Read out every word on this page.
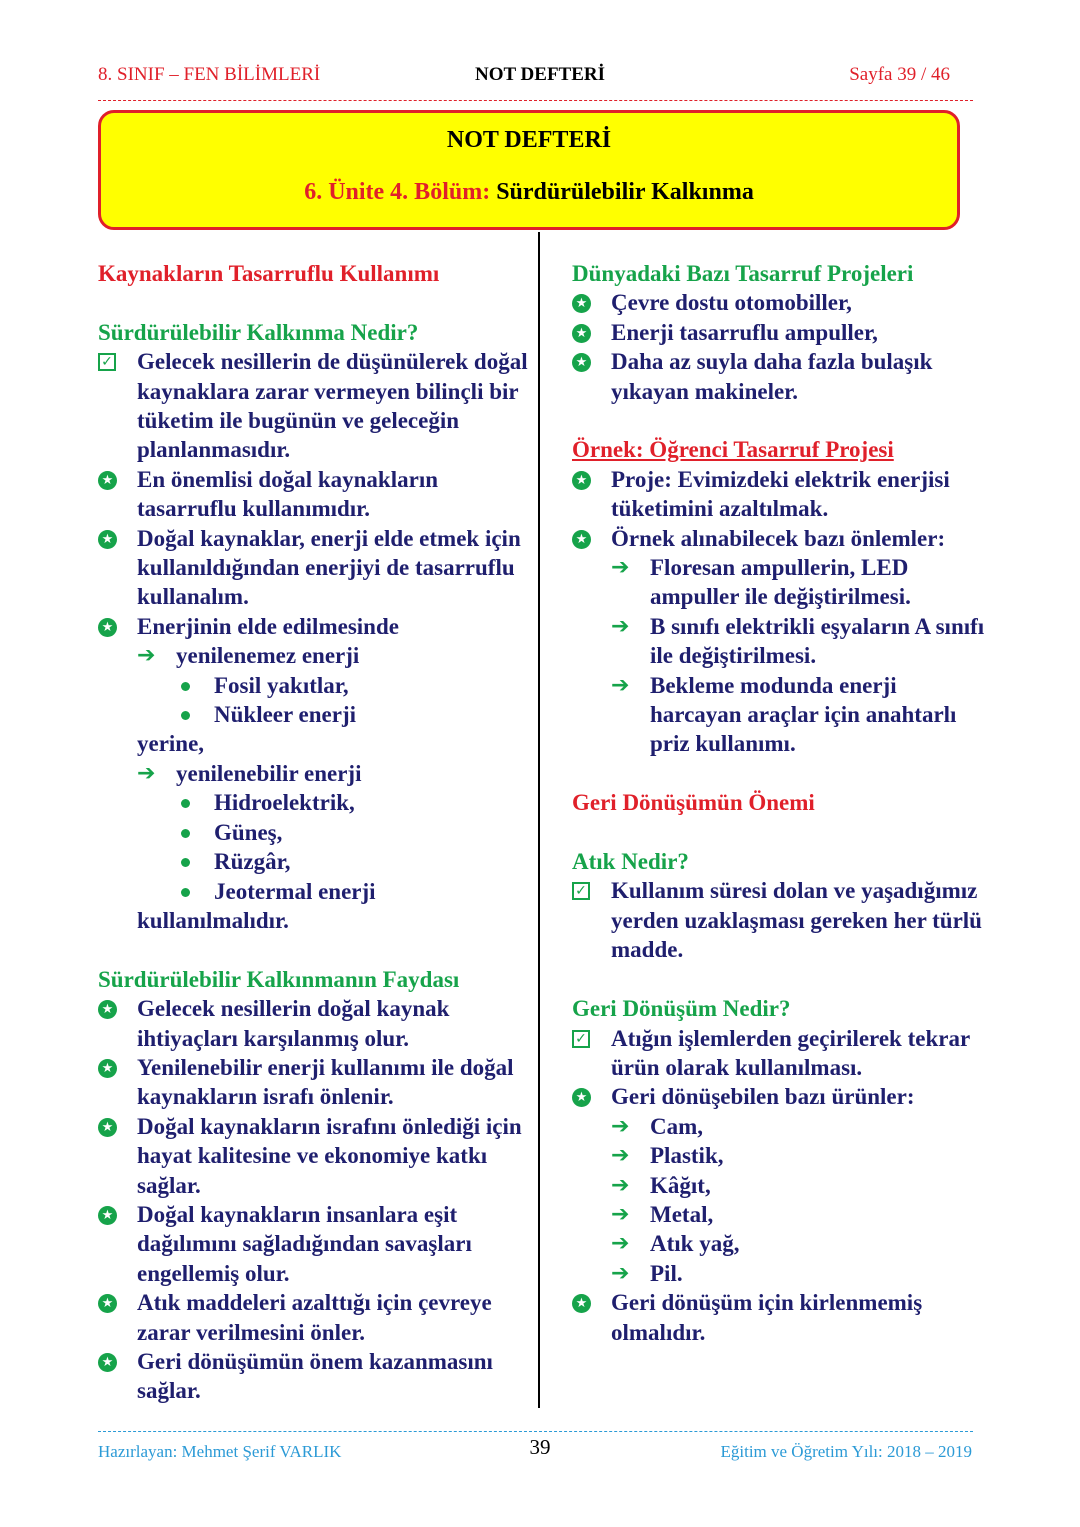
8. SINIF – FEN BİLİMLERİ	NOT DEFTERİ	Sayfa 39 / 46
NOT DEFTERİ
6. Ünite 4. Bölüm: Sürdürülebilir Kalkınma
Kaynakların Tasarruflu Kullanımı
Sürdürülebilir Kalkınma Nedir?
✓ Gelecek nesillerin de düşünülerek doğal kaynaklara zarar vermeyen bilinçli bir tüketim ile bugünün ve geleceğin planlanmasıdır.
★ En önemlisi doğal kaynakların tasarruflu kullanımıdır.
★ Doğal kaynaklar, enerji elde etmek için kullanıldığından enerjiyi de tasarruflu kullanalım.
★ Enerjinin elde edilmesinde
➔ yenilenemez enerji
Fosil yakıtlar,
Nükleer enerji
yerine,
➔ yenilenebilir enerji
Hidroelektrik,
Güneş,
Rüzgâr,
Jeotermal enerji
kullanılmalıdır.
Sürdürülebilir Kalkınmanın Faydası
★ Gelecek nesillerin doğal kaynak ihtiyaçları karşılanmış olur.
★ Yenilenebilir enerji kullanımı ile doğal kaynakların israfı önlenir.
★ Doğal kaynakların israfını önlediği için hayat kalitesine ve ekonomiye katkı sağlar.
★ Doğal kaynakların insanlara eşit dağılımını sağladığından savaşları engellemiş olur.
★ Atık maddeleri azalttığı için çevreye zarar verilmesini önler.
★ Geri dönüşümün önem kazanmasını sağlar.
Dünyadaki Bazı Tasarruf Projeleri
★ Çevre dostu otomobiller,
★ Enerji tasarruflu ampuller,
★ Daha az suyla daha fazla bulaşık yıkayan makineler.
Örnek: Öğrenci Tasarruf Projesi
★ Proje: Evimizdeki elektrik enerjisi tüketimini azaltılmak.
★ Örnek alınabilecek bazı önlemler:
➔ Floresan ampullerin, LED ampuller ile değiştirilmesi.
➔ B sınıfı elektrikli eşyaların A sınıfı ile değiştirilmesi.
➔ Bekleme modunda enerji harcayan araçlar için anahtarlı priz kullanımı.
Geri Dönüşümün Önemi
Atık Nedir?
✓ Kullanım süresi dolan ve yaşadığımız yerden uzaklaşması gereken her türlü madde.
Geri Dönüşüm Nedir?
✓ Atığın işlemlerden geçirilerek tekrar ürün olarak kullanılması.
★ Geri dönüşebilen bazı ürünler:
➔ Cam,
➔ Plastik,
➔ Kâğıt,
➔ Metal,
➔ Atık yağ,
➔ Pil.
★ Geri dönüşüm için kirlenmemiş olmalıdır.
39
Hazırlayan: Mehmet Şerif VARLIK	Eğitim ve Öğretim Yılı: 2018 – 2019
